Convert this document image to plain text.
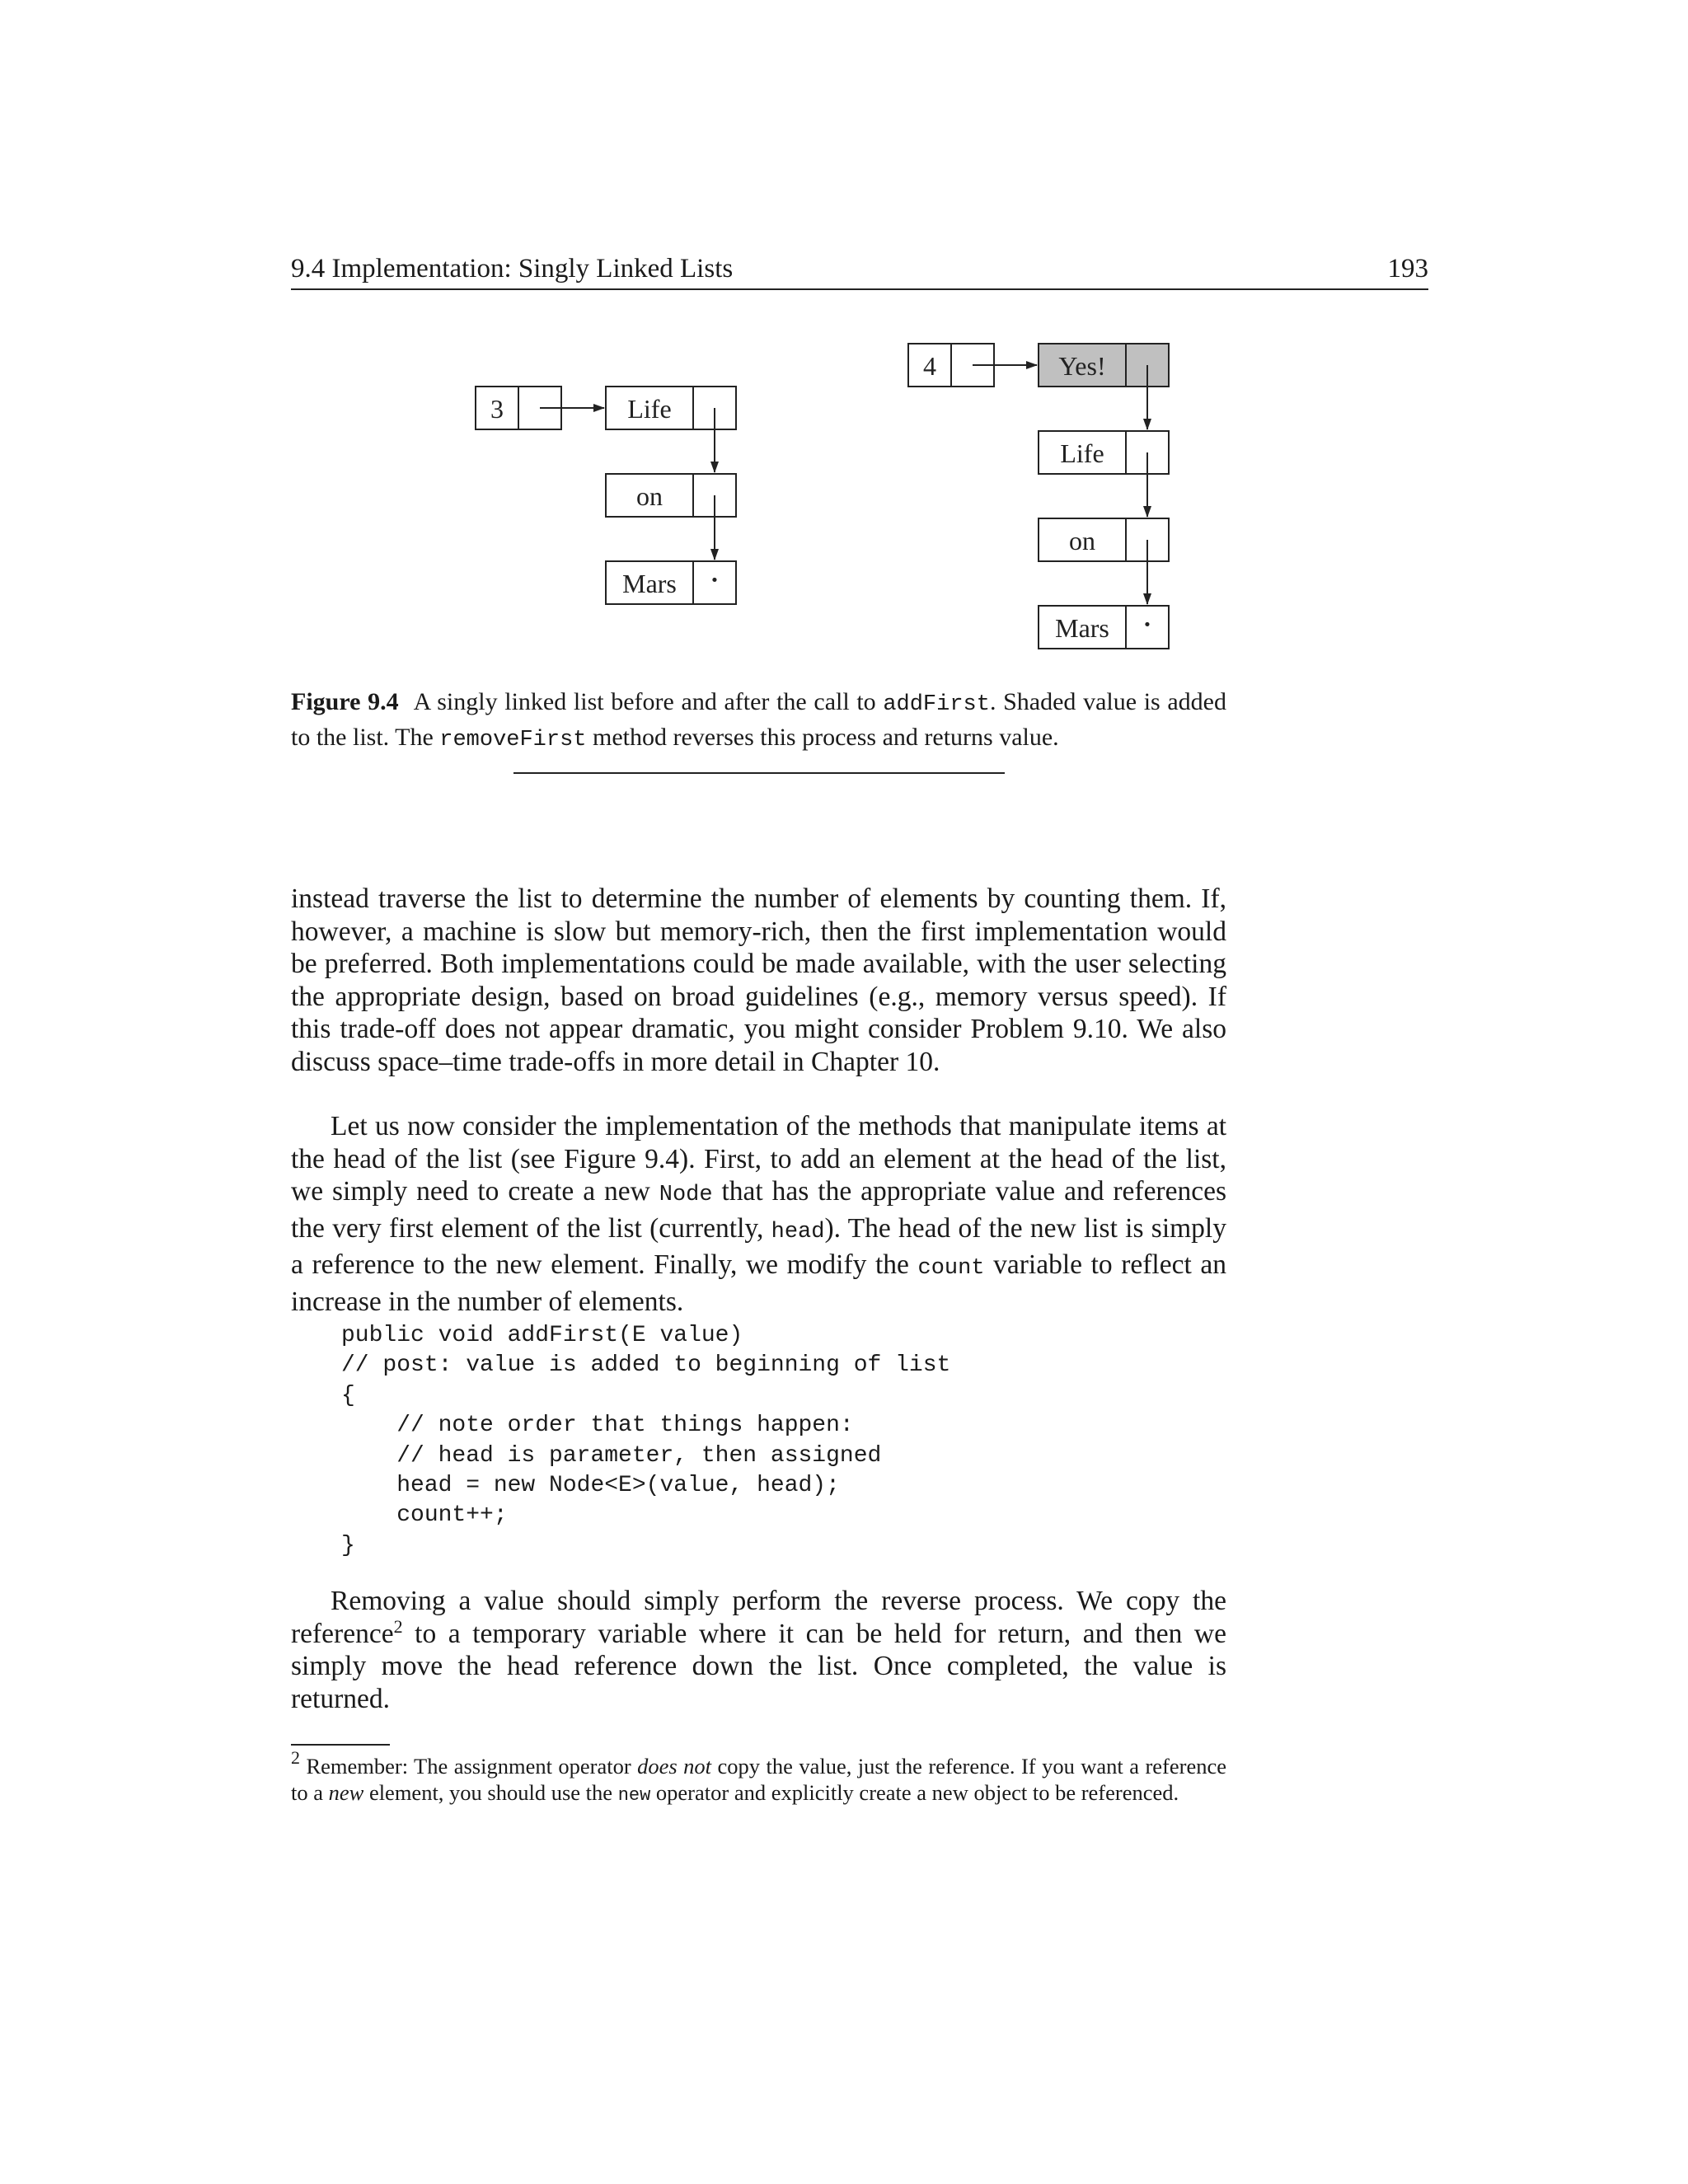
9.4 Implementation: Singly Linked Lists	193
3	Life
on
Mars ·
4	Yes!
Life
on
Mars ·
Figure 9.4 A singly linked list before and after the call to addFirst. Shaded value is added to the list. The removeFirst method reverses this process and returns value.

instead traverse the list to determine the number of elements by counting them. If, however, a machine is slow but memory-rich, then the first implementation would be preferred. Both implementations could be made available, with the user selecting the appropriate design, based on broad guidelines (e.g., memory versus speed). If this trade-off does not appear dramatic, you might consider Problem 9.10. We also discuss space–time trade-offs in more detail in Chapter 10.

Let us now consider the implementation of the methods that manipulate items at the head of the list (see Figure 9.4). First, to add an element at the head of the list, we simply need to create a new Node that has the appropriate value and references the very first element of the list (currently, head). The head of the new list is simply a reference to the new element. Finally, we modify the count variable to reflect an increase in the number of elements.

public void addFirst(E value)
// post: value is added to beginning of list
{
// note order that things happen:
// head is parameter, then assigned
head = new Node<E>(value, head);
count++;
}

Removing a value should simply perform the reverse process. We copy the reference$^2$ to a temporary variable where it can be held for return, and then we simply move the head reference down the list. Once completed, the value is returned.

$^2$ Remember: The assignment operator does not copy the value, just the reference. If you want a reference to a new element, you should use the new operator and explicitly create a new object to be referenced.
